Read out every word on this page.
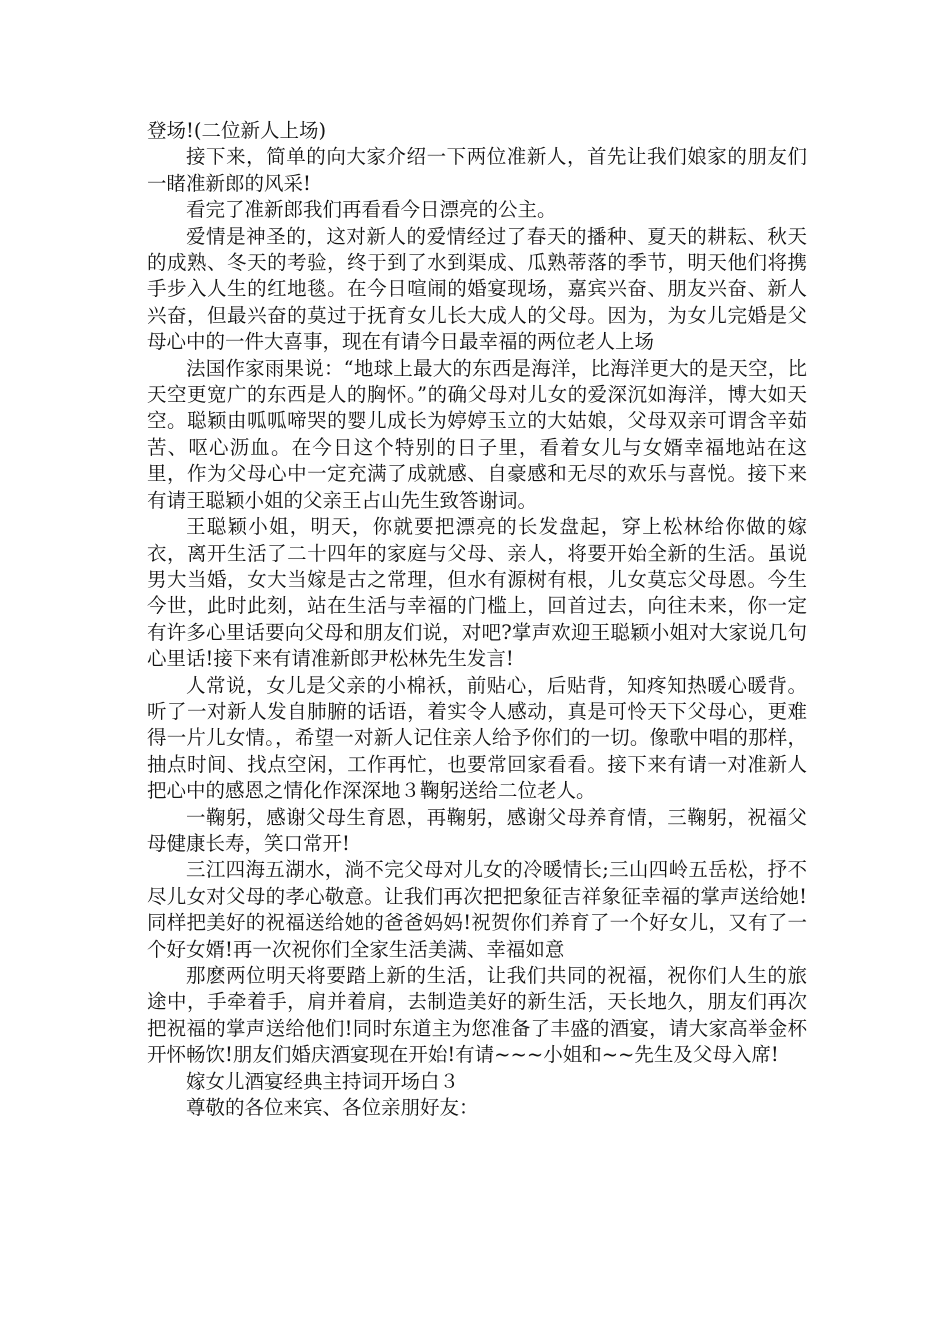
登场!(二位新人上场)

接下来，简单的向大家介绍一下两位准新人，首先让我们娘家的朋友们一睹准新郎的风采!

看完了准新郎我们再看看今日漂亮的公主。

爱情是神圣的，这对新人的爱情经过了春天的播种、夏天的耕耘、秋天的成熟、冬天的考验，终于到了水到渠成、瓜熟蒂落的季节，明天他们将携手步入人生的红地毯。在今日喧闹的婚宴现场，嘉宾兴奋、朋友兴奋、新人兴奋，但最兴奋的莫过于抚育女儿长大成人的父母。因为，为女儿完婚是父母心中的一件大喜事，现在有请今日最幸福的两位老人上场

法国作家雨果说：“地球上最大的东西是海洋，比海洋更大的是天空，比天空更宽广的东西是人的胸怀。”的确父母对儿女的爱深沉如海洋，博大如天空。聪颖由呱呱啼哭的婴儿成长为婷婷玉立的大姑娘，父母双亲可谓含辛茹苦、呕心沥血。在今日这个特别的日子里，看着女儿与女婿幸福地站在这里，作为父母心中一定充满了成就感、自豪感和无尽的欢乐与喜悦。接下来有请王聪颖小姐的父亲王占山先生致答谢词。

王聪颖小姐，明天，你就要把漂亮的长发盘起，穿上松林给你做的嫁衣，离开生活了二十四年的家庭与父母、亲人，将要开始全新的生活。虽说男大当婚，女大当嫁是古之常理，但水有源树有根，儿女莫忘父母恩。今生今世，此时此刻，站在生活与幸福的门槛上，回首过去，向往未来，你一定有许多心里话要向父母和朋友们说，对吧?掌声欢迎王聪颖小姐对大家说几句心里话!接下来有请准新郎尹松林先生发言!

人常说，女儿是父亲的小棉袄，前贴心，后贴背，知疼知热暖心暖背。听了一对新人发自肺腑的话语，着实令人感动，真是可怜天下父母心，更难得一片儿女情。，希望一对新人记住亲人给予你们的一切。像歌中唱的那样，抽点时间、找点空闲，工作再忙，也要常回家看看。接下来有请一对准新人把心中的感恩之情化作深深地３鞠躬送给二位老人。

一鞠躬，感谢父母生育恩，再鞠躬，感谢父母养育情，三鞠躬，祝福父母健康长寿，笑口常开!

三江四海五湖水，淌不完父母对儿女的冷暖情长;三山四岭五岳松，抒不尽儿女对父母的孝心敬意。让我们再次把把象征吉祥象征幸福的掌声送给她!同样把美好的祝福送给她的爸爸妈妈!祝贺你们养育了一个好女儿，又有了一个好女婿!再一次祝你们全家生活美满、幸福如意

那麽两位明天将要踏上新的生活，让我们共同的祝福，祝你们人生的旅途中，手牵着手，肩并着肩，去制造美好的新生活，天长地久，朋友们再次把祝福的掌声送给他们!同时东道主为您准备了丰盛的酒宴，请大家高举金杯开怀畅饮!朋友们婚庆酒宴现在开始!有请~~~小姐和~~先生及父母入席!

嫁女儿酒宴经典主持词开场白３

尊敬的各位来宾、各位亲朋好友：
